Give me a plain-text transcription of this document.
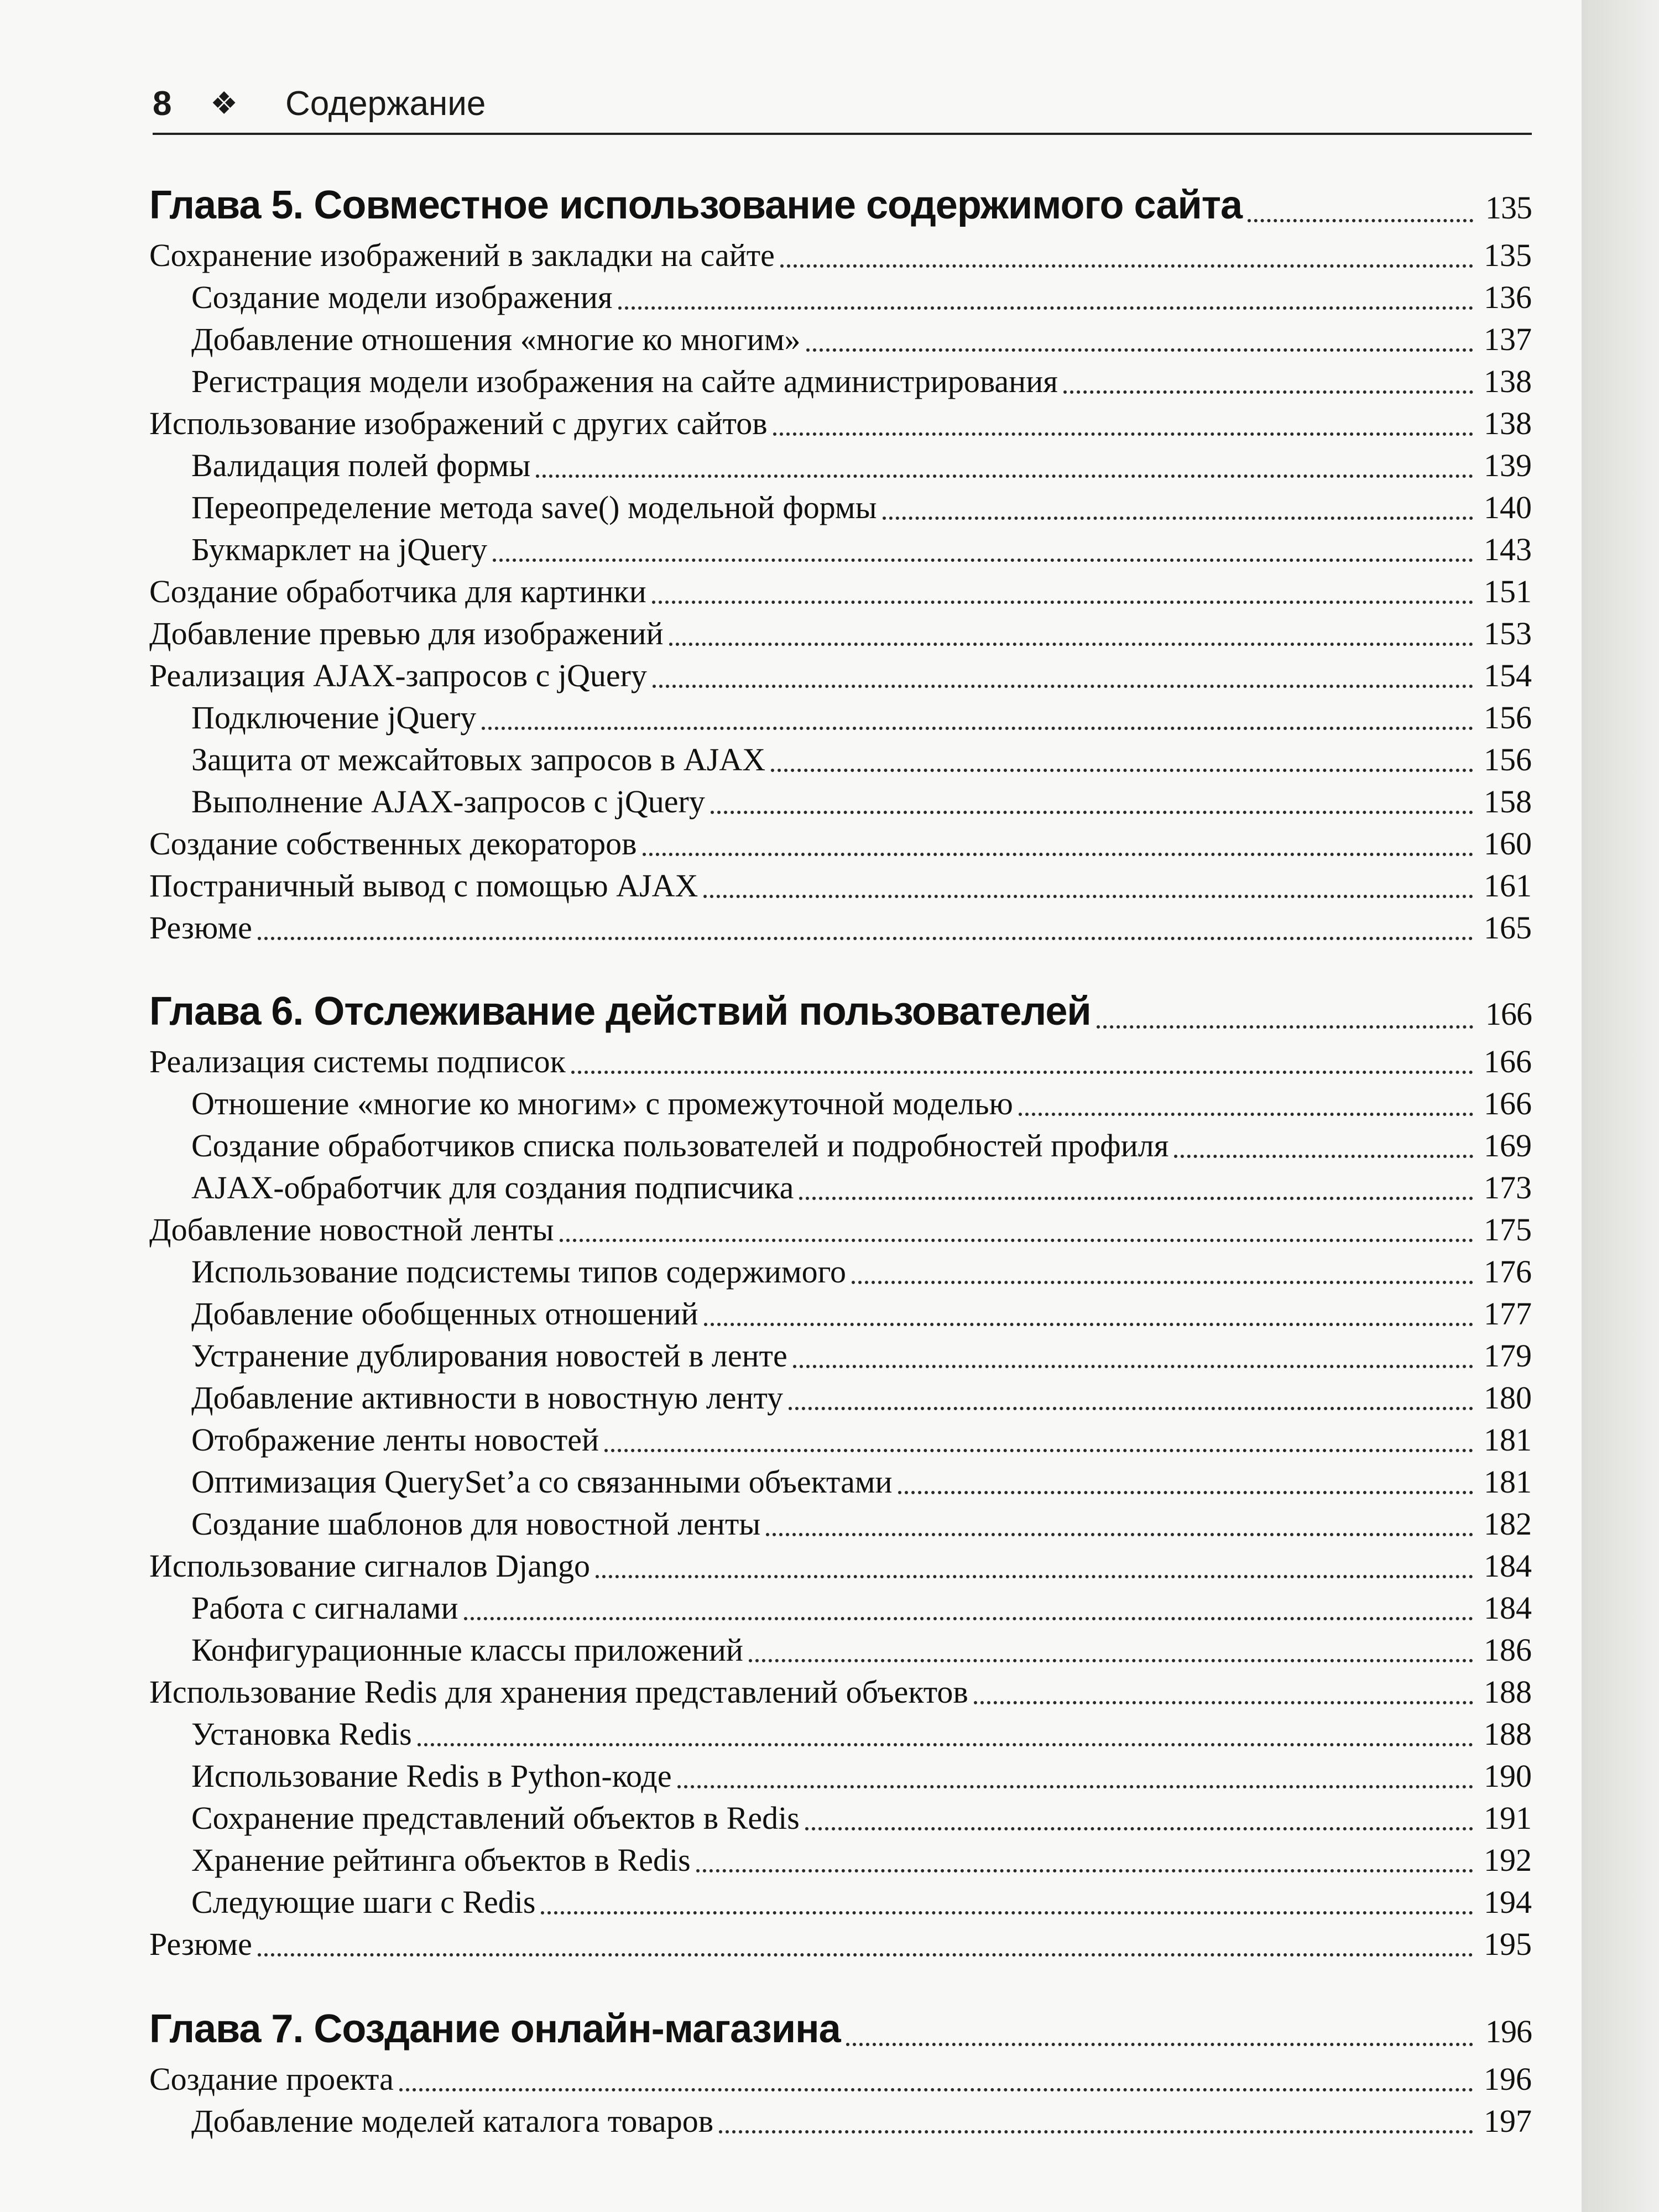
8 ❖ Содержание
Глава 5. Совместное использование содержимого сайта	135
Сохранение изображений в закладки на сайте	135
Создание модели изображения	136
Добавление отношения «многие ко многим»	137
Регистрация модели изображения на сайте администрирования	138
Использование изображений с других сайтов	138
Валидация полей формы	139
Переопределение метода save() модельной формы	140
Букмарклет на jQuery	143
Создание обработчика для картинки	151
Добавление превью для изображений	153
Реализация AJAX-запросов с jQuery	154
Подключение jQuery	156
Защита от межсайтовых запросов в AJAX	156
Выполнение AJAX-запросов с jQuery	158
Создание собственных декораторов	160
Постраничный вывод с помощью AJAX	161
Резюме	165
Глава 6. Отслеживание действий пользователей	166
Реализация системы подписок	166
Отношение «многие ко многим» с промежуточной моделью	166
Создание обработчиков списка пользователей и подробностей профиля	169
AJAX-обработчик для создания подписчика	173
Добавление новостной ленты	175
Использование подсистемы типов содержимого	176
Добавление обобщенных отношений	177
Устранение дублирования новостей в ленте	179
Добавление активности в новостную ленту	180
Отображение ленты новостей	181
Оптимизация QuerySet’а со связанными объектами	181
Создание шаблонов для новостной ленты	182
Использование сигналов Django	184
Работа с сигналами	184
Конфигурационные классы приложений	186
Использование Redis для хранения представлений объектов	188
Установка Redis	188
Использование Redis в Python-коде	190
Сохранение представлений объектов в Redis	191
Хранение рейтинга объектов в Redis	192
Следующие шаги с Redis	194
Резюме	195
Глава 7. Создание онлайн-магазина	196
Создание проекта	196
Добавление моделей каталога товаров	197
